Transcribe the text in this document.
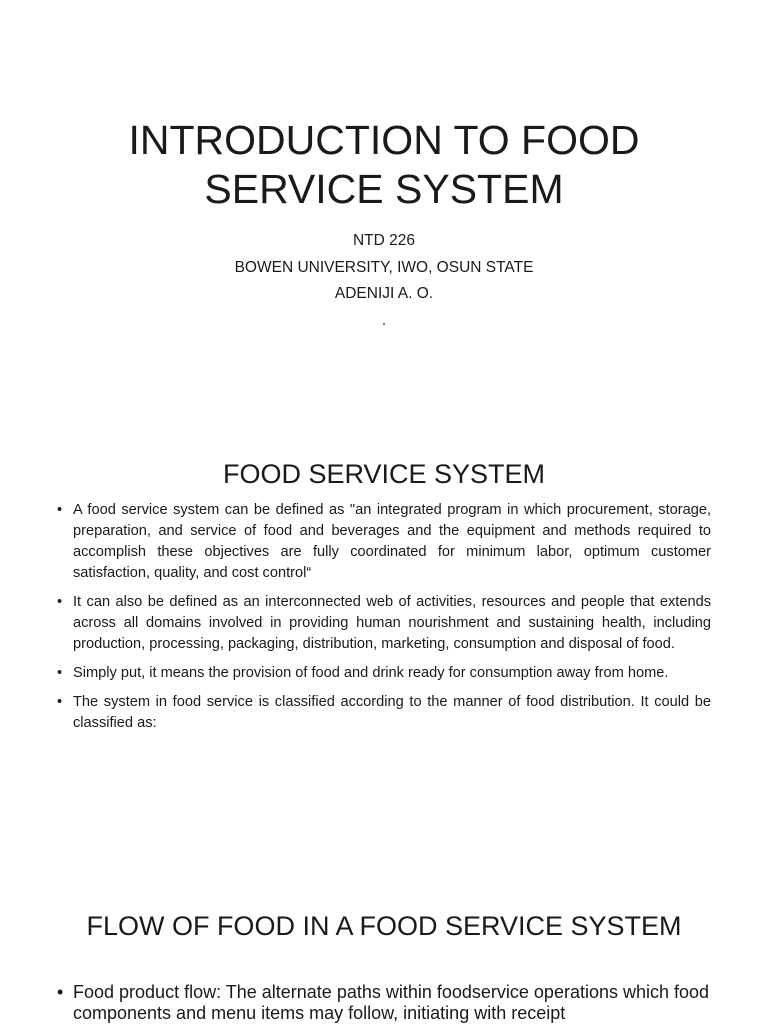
INTRODUCTION TO FOOD
SERVICE SYSTEM
NTD 226
BOWEN UNIVERSITY, IWO, OSUN STATE
ADENIJI A. O.
.
FOOD SERVICE SYSTEM
• A food service system can be defined as "an integrated program in which procurement, storage, preparation, and service of food and beverages and the equipment and methods required to accomplish these objectives are fully coordinated for minimum labor, optimum customer satisfaction, quality, and cost control“
• It can also be defined as an interconnected web of activities, resources and people that extends across all domains involved in providing human nourishment and sustaining health, including production, processing, packaging, distribution, marketing, consumption and disposal of food.
• Simply put, it means the provision of food and drink ready for consumption away from home.
• The system in food service is classified according to the manner of food distribution. It could be classified as:
FLOW OF FOOD IN A FOOD SERVICE SYSTEM
• Food product flow: The alternate paths within foodservice operations which food components and menu items may follow, initiating with receipt
